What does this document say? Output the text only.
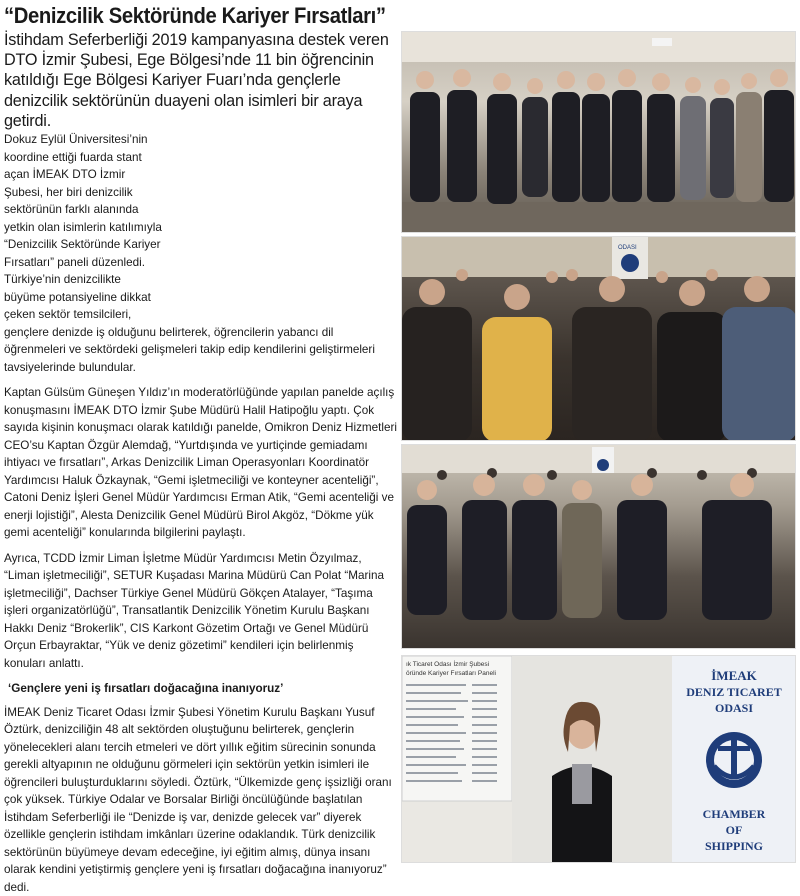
“Denizcilik Sektöründe Kariyer Fırsatları”
İstihdam Seferberliği 2019 kampanyasına destek veren DTO İzmir Şubesi, Ege Bölgesi’nde 11 bin öğrencinin katıldığı Ege Bölgesi Kariyer Fuarı’nda gençlerle denizcilik sektörünün duayeni olan isimleri bir araya getirdi.

Dokuz Eylül Üniversitesi’nin koordine ettiği fuarda stant açan İMEAK DTO İzmir Şubesi, her biri denizcilik sektörünün farklı alanında yetkin olan isimlerin katılımıyla “Denizcilik Sektöründe Kariyer Fırsatları” paneli düzenledi. Türkiye’nin denizcilikte büyüme potansiyeline dikkat çeken sektör temsilcileri,

gençlere denizde iş olduğunu belirterek, öğrencilerin yabancı dil öğrenmeleri ve sektördeki gelişmeleri takip edip kendilerini geliştirmeleri tavsiyelerinde bulundular.

Kaptan Gülsüm Güneşen Yıldız’ın moderatörlüğünde yapılan panelde açılış konuşmasını İMEAK DTO İzmir Şube Müdürü Halil Hatipoğlu yaptı. Çok sayıda kişinin konuşmacı olarak katıldığı panelde, Omikron Deniz Hizmetleri CEO’su Kaptan Özgür Alemdağ, “Yurtdışında ve yurtiçinde gemiadamı ihtiyacı ve fırsatları”, Arkas Denizcilik Liman Operasyonları Koordinatör Yardımcısı Haluk Özkaynak, “Gemi işletmeciliği ve konteyner acenteliği”, Catoni Deniz İşleri Genel Müdür Yardımcısı Erman Atik, “Gemi acenteliği ve enerji lojistiği”, Alesta Denizcilik Genel Müdürü Birol Akgöz, “Dökme yük gemi acenteliği” konularında bilgilerini paylaştı.

Ayrıca, TCDD İzmir Liman İşletme Müdür Yardımcısı Metin Özyılmaz, “Liman işletmeciliği”, SETUR Kuşadası Marina Müdürü Can Polat “Marina işletmeciliği”, Dachser Türkiye Genel Müdürü Gökçen Atalayer, “Taşıma işleri organizatörlüğü”, Transatlantik Denizcilik Yönetim Kurulu Başkanı Hakkı Deniz “Brokerlik”, CIS Karkont Gözetim Ortağı ve Genel Müdürü Orçun Erbayraktar, “Yük ve deniz gözetimi” kendileri için belirlenmiş konuları anlattı.

‘Gençlere yeni iş fırsatları doğacağına inanıyoruz’

İMEAK Deniz Ticaret Odası İzmir Şubesi Yönetim Kurulu Başkanı Yusuf Öztürk, denizciliğin 48 alt sektörden oluştuğunu belirterek, gençlerin yönelecekleri alanı tercih etmeleri ve dört yıllık eğitim sürecinin sonunda gerekli altyapının ne olduğunu görmeleri için sektörün yetkin isimleri ile öğrencileri buluşturduklarını söyledi. Öztürk, “Ülkemizde genç işsizliği oranı çok yüksek. Türkiye Odalar ve Borsalar Birliği öncülüğünde başlatılan İstihdam Seferberliği ile “Denizde iş var, denizde gelecek var” diyerek özellikle gençlerin istihdam imkânları üzerine odaklandık. Türk denizcilik sektörünün büyümeye devam edeceğine, iyi eğitim almış, dünya insanı olarak kendini yetiştirmiş gençlere yeni iş fırsatları doğacağına inanıyoruz” dedi.

ODASI
ık Ticaret Odası İzmir Şubesi
öründe Kariyer Fırsatları Paneli	İMEAK
DENIZ TICARET
ODASI
CHAMBER
OF
SHIPPING
